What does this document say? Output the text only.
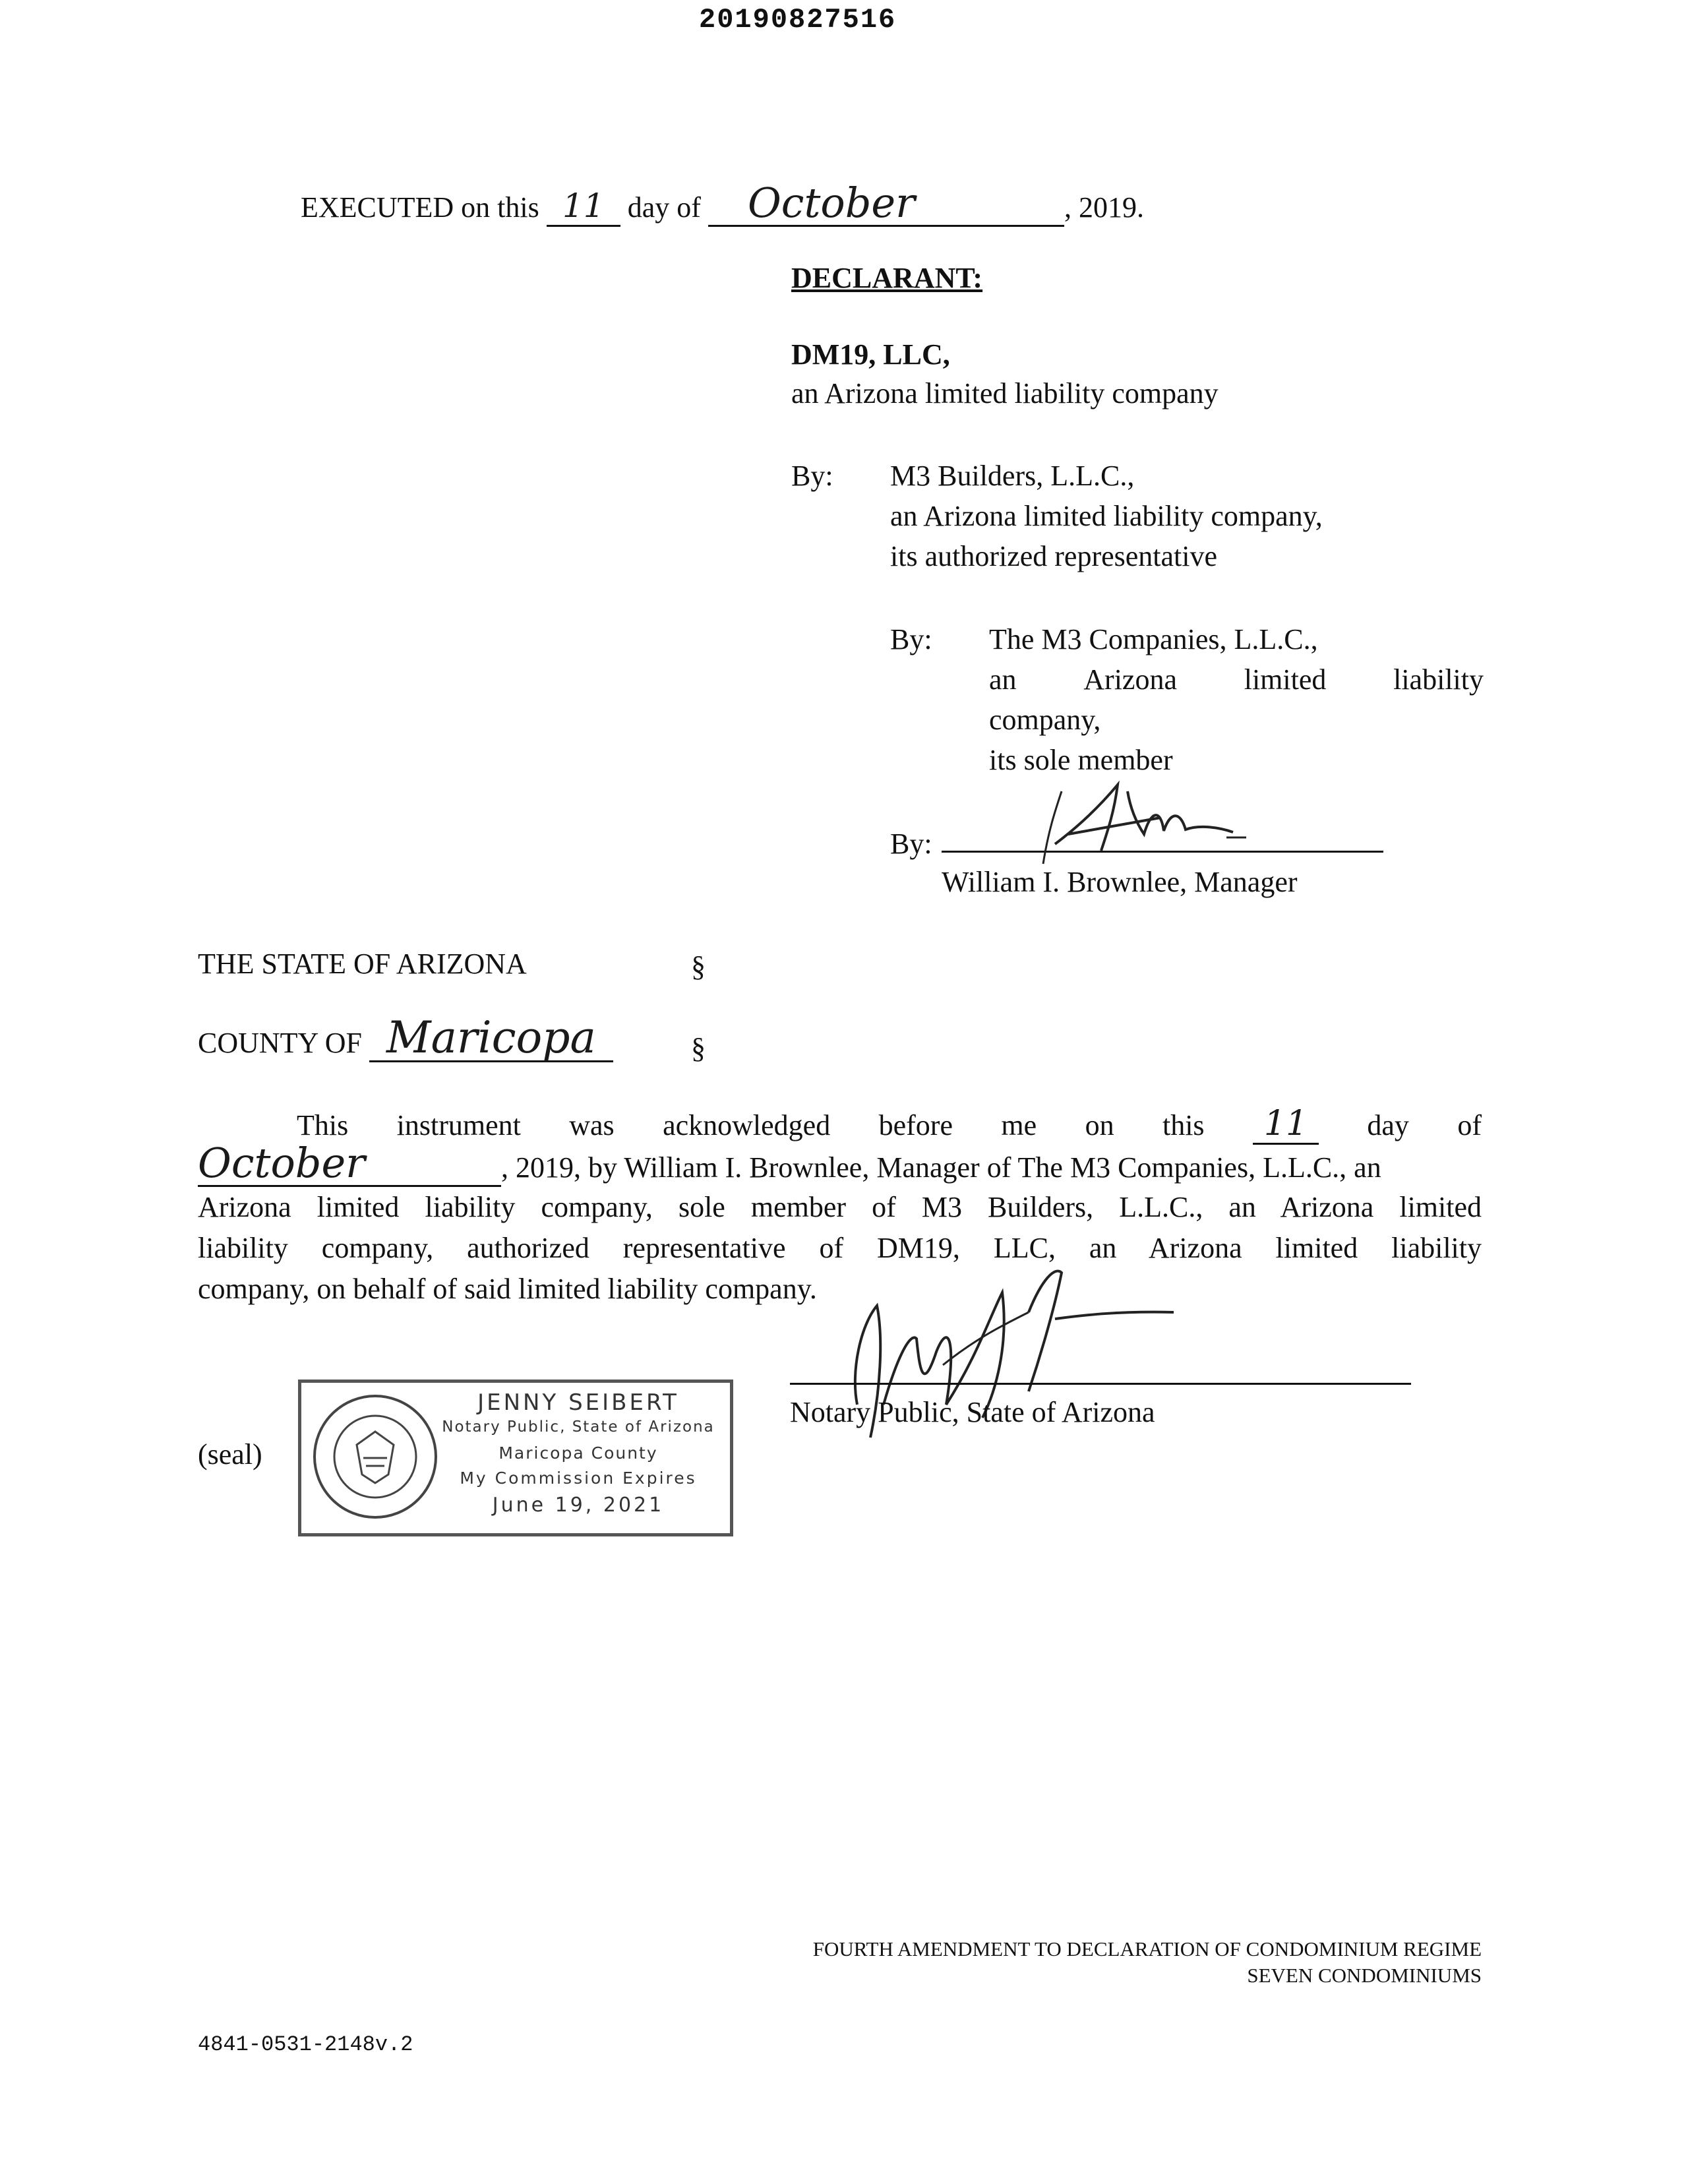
20190827516
EXECUTED on this 11 day of October	, 2019.
DECLARANT:
DM19, LLC,
an Arizona limited liability company
By: M3 Builders, L.L.C.,
an Arizona limited liability company,
its authorized representative
By: The M3 Companies, L.L.C.,
an Arizona limited liability
company,
its sole member
By:
William I. Brownlee, Manager
THE STATE OF ARIZONA	§
COUNTY OF Maricopa	§
This instrument was acknowledged before me on this	11	day of
October	, 2019, by William I. Brownlee, Manager of The M3 Companies, L.L.C., an
Arizona limited liability company, sole member of M3 Builders, L.L.C., an Arizona limited
liability company, authorized representative of DM19, LLC, an Arizona limited liability
company, on behalf of said limited liability company.
Notary Public, State of Arizona
(seal)
JENNY SEIBERT
Notary Public, State of Arizona
Maricopa County
My Commission Expires
June 19, 2021
FOURTH AMENDMENT TO DECLARATION OF CONDOMINIUM REGIME
SEVEN CONDOMINIUMS
4841-0531-2148v.2
